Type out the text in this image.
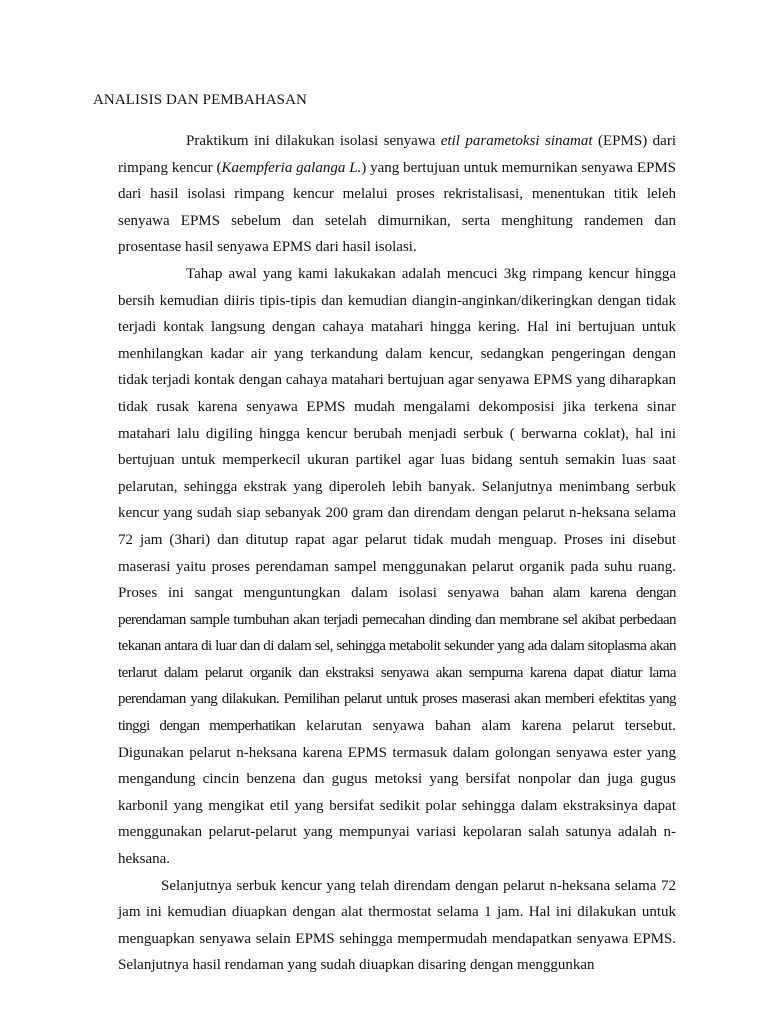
ANALISIS DAN PEMBAHASAN

Praktikum ini dilakukan isolasi senyawa etil parametoksi sinamat (EPMS) dari rimpang kencur (Kaempferia galanga L.) yang bertujuan untuk memurnikan senyawa EPMS dari hasil isolasi rimpang kencur melalui proses rekristalisasi, menentukan titik leleh senyawa EPMS sebelum dan setelah dimurnikan, serta menghitung randemen dan prosentase hasil senyawa EPMS dari hasil isolasi.

Tahap awal yang kami lakukakan adalah mencuci 3kg rimpang kencur hingga bersih kemudian diiris tipis-tipis dan kemudian diangin-anginkan/dikeringkan dengan tidak terjadi kontak langsung dengan cahaya matahari hingga kering. Hal ini bertujuan untuk menhilangkan kadar air yang terkandung dalam kencur, sedangkan pengeringan dengan tidak terjadi kontak dengan cahaya matahari bertujuan agar senyawa EPMS yang diharapkan tidak rusak karena senyawa EPMS mudah mengalami dekomposisi jika terkena sinar matahari lalu digiling hingga kencur berubah menjadi serbuk ( berwarna coklat), hal ini bertujuan untuk memperkecil ukuran partikel agar luas bidang sentuh semakin luas saat pelarutan, sehingga ekstrak yang diperoleh lebih banyak. Selanjutnya menimbang serbuk kencur yang sudah siap sebanyak 200 gram dan direndam dengan pelarut n-heksana selama 72 jam (3hari) dan ditutup rapat agar pelarut tidak mudah menguap. Proses ini disebut maserasi yaitu proses perendaman sampel menggunakan pelarut organik pada suhu ruang. Proses ini sangat menguntungkan dalam isolasi senyawa bahan alam karena dengan perendaman sample tumbuhan akan terjadi pemecahan dinding dan membrane sel akibat perbedaan tekanan antara di luar dan di dalam sel, sehingga metabolit sekunder yang ada dalam sitoplasma akan terlarut dalam pelarut organik dan ekstraksi senyawa akan sempurna karena dapat diatur lama perendaman yang dilakukan. Pemilihan pelarut untuk proses maserasi akan memberi efektitas yang tinggi dengan memperhatikan kelarutan senyawa bahan alam karena pelarut tersebut. Digunakan pelarut n-heksana karena EPMS termasuk dalam golongan senyawa ester yang mengandung cincin benzena dan gugus metoksi yang bersifat nonpolar dan juga gugus karbonil yang mengikat etil yang bersifat sedikit polar sehingga dalam ekstraksinya dapat menggunakan pelarut-pelarut yang mempunyai variasi kepolaran salah satunya adalah n-heksana.

Selanjutnya serbuk kencur yang telah direndam dengan pelarut n-heksana selama 72 jam ini kemudian diuapkan dengan alat thermostat selama 1 jam. Hal ini dilakukan untuk menguapkan senyawa selain EPMS sehingga mempermudah mendapatkan senyawa EPMS. Selanjutnya hasil rendaman yang sudah diuapkan disaring dengan menggunkan
